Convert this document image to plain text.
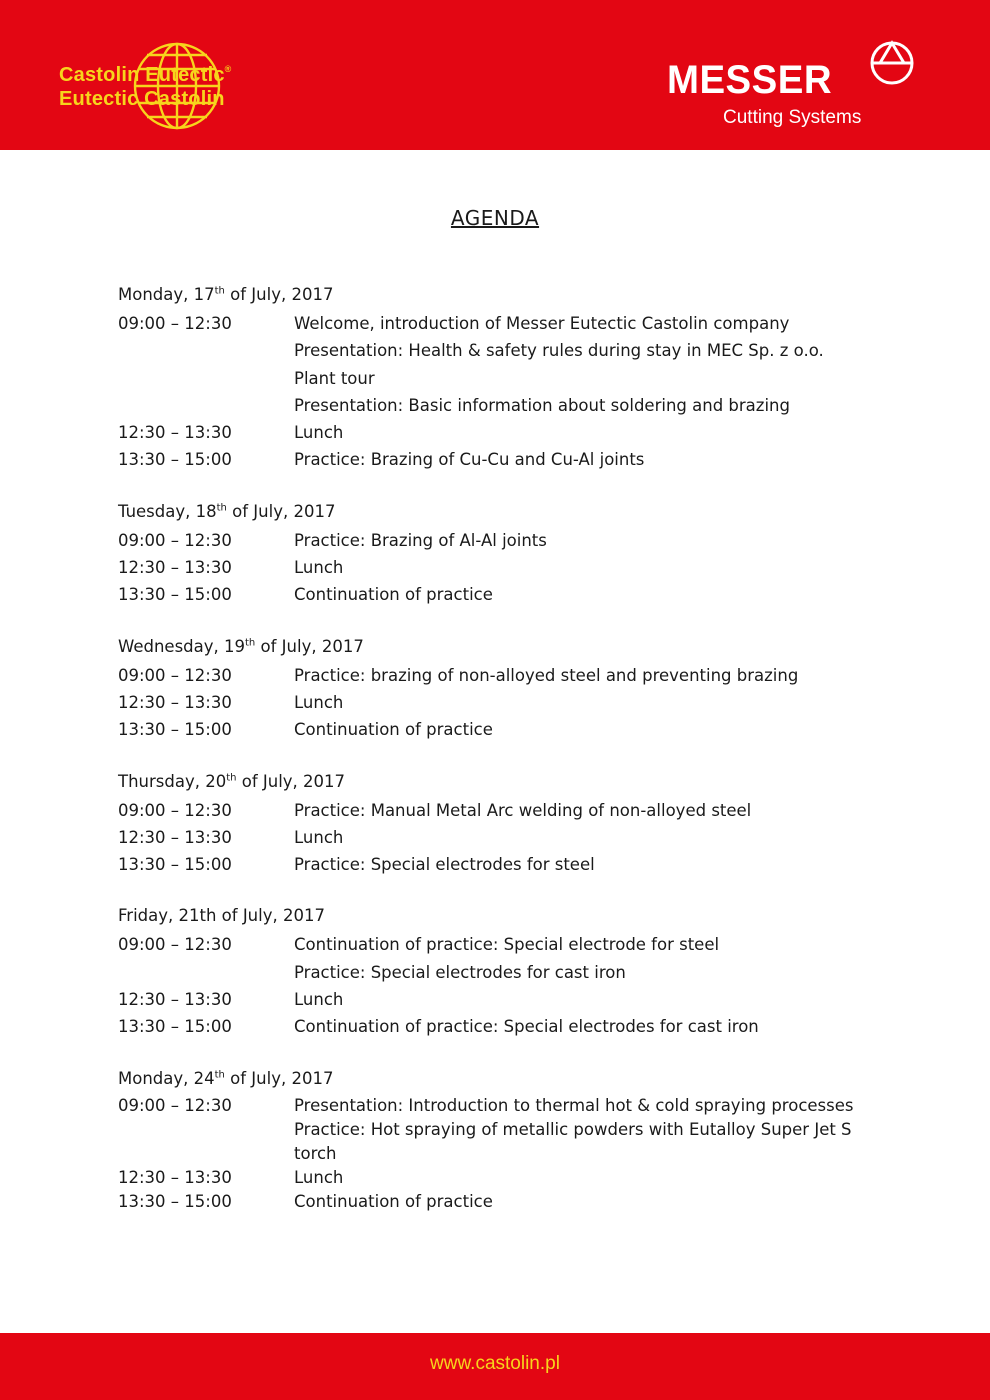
Castolin Eutectic®
Eutectic Castolin	MESSER
Cutting Systems
AGENDA
Monday, 17th of July, 2017
09:00 – 12:30	Welcome, introduction of Messer Eutectic Castolin company
Presentation: Health & safety rules during stay in MEC Sp. z o.o.
Plant tour
Presentation: Basic information about soldering and brazing
12:30 – 13:30	Lunch
13:30 – 15:00	Practice: Brazing of Cu-Cu and Cu-Al joints
Tuesday, 18th of July, 2017
09:00 – 12:30	Practice: Brazing of Al-Al joints
12:30 – 13:30	Lunch
13:30 – 15:00	Continuation of practice
Wednesday, 19th of July, 2017
09:00 – 12:30	Practice: brazing of non-alloyed steel and preventing brazing
12:30 – 13:30	Lunch
13:30 – 15:00	Continuation of practice
Thursday, 20th of July, 2017
09:00 – 12:30	Practice: Manual Metal Arc welding of non-alloyed steel
12:30 – 13:30	Lunch
13:30 – 15:00	Practice: Special electrodes for steel
Friday, 21th of July, 2017
09:00 – 12:30	Continuation of practice: Special electrode for steel
Practice: Special electrodes for cast iron
12:30 – 13:30	Lunch
13:30 – 15:00	Continuation of practice: Special electrodes for cast iron
Monday, 24th of July, 2017
09:00 – 12:30	Presentation: Introduction to thermal hot & cold spraying processes
Practice: Hot spraying of metallic powders with Eutalloy Super Jet S
torch
12:30 – 13:30	Lunch
13:30 – 15:00	Continuation of practice
www.castolin.pl
